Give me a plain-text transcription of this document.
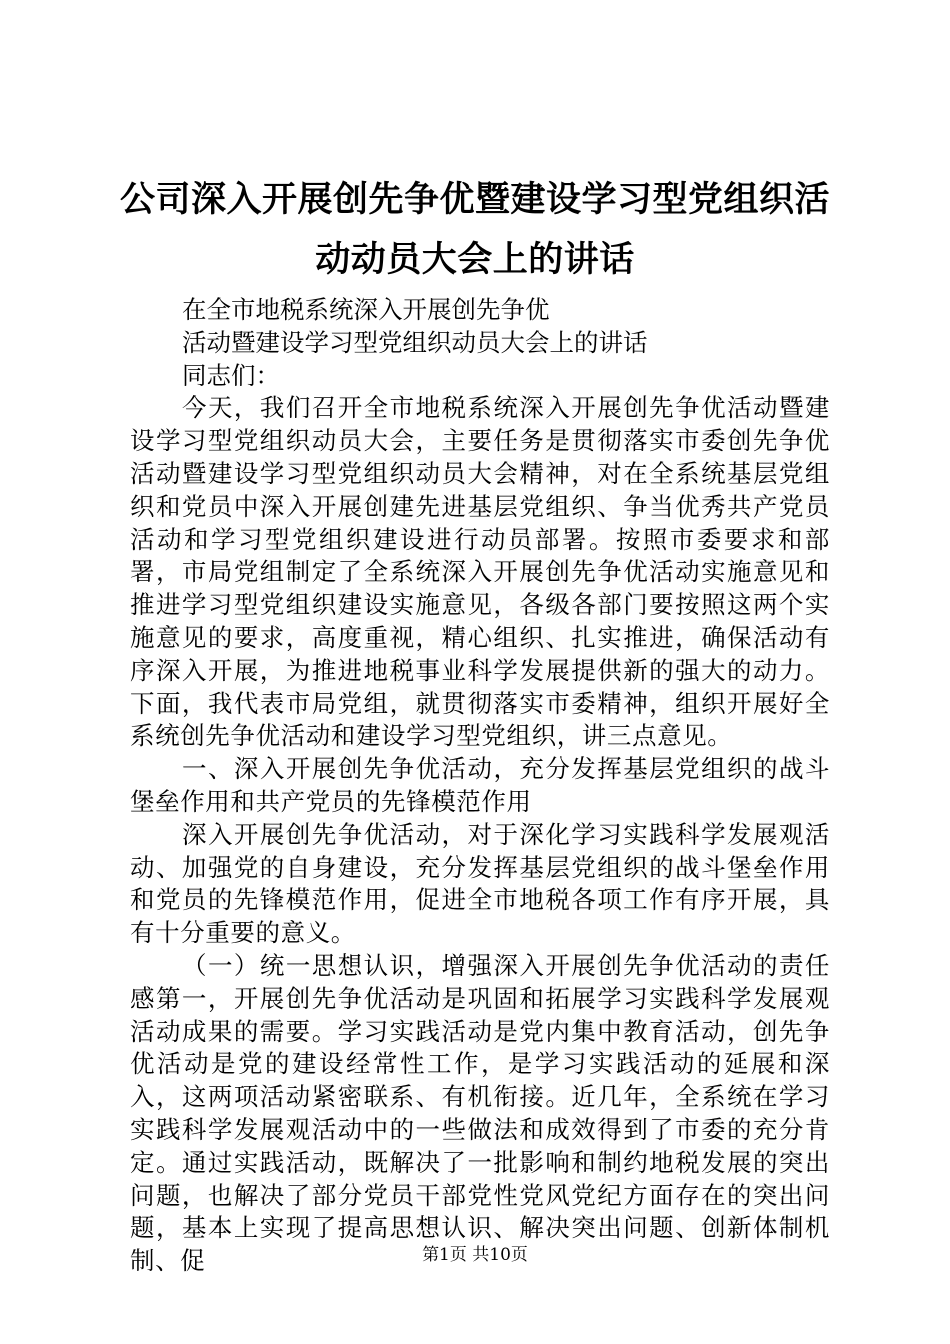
公司深入开展创先争优暨建设学习型党组织活动动员大会上的讲话
在全市地税系统深入开展创先争优
活动暨建设学习型党组织动员大会上的讲话
同志们：
今天，我们召开全市地税系统深入开展创先争优活动暨建设学习型党组织动员大会，主要任务是贯彻落实市委创先争优活动暨建设学习型党组织动员大会精神，对在全系统基层党组织和党员中深入开展创建先进基层党组织、争当优秀共产党员活动和学习型党组织建设进行动员部署。按照市委要求和部署，市局党组制定了全系统深入开展创先争优活动实施意见和推进学习型党组织建设实施意见，各级各部门要按照这两个实施意见的要求，高度重视，精心组织、扎实推进，确保活动有序深入开展，为推进地税事业科学发展提供新的强大的动力。下面，我代表市局党组，就贯彻落实市委精神，组织开展好全系统创先争优活动和建设学习型党组织，讲三点意见。
一、深入开展创先争优活动，充分发挥基层党组织的战斗堡垒作用和共产党员的先锋模范作用
深入开展创先争优活动，对于深化学习实践科学发展观活动、加强党的自身建设，充分发挥基层党组织的战斗堡垒作用和党员的先锋模范作用，促进全市地税各项工作有序开展，具有十分重要的意义。
（一）统一思想认识，增强深入开展创先争优活动的责任感第一，开展创先争优活动是巩固和拓展学习实践科学发展观活动成果的需要。学习实践活动是党内集中教育活动，创先争优活动是党的建设经常性工作，是学习实践活动的延展和深入，这两项活动紧密联系、有机衔接。近几年，全系统在学习实践科学发展观活动中的一些做法和成效得到了市委的充分肯定。通过实践活动，既解决了一批影响和制约地税发展的突出问题，也解决了部分党员干部党性党风党纪方面存在的突出问题，基本上实现了提高思想认识、解决突出问题、创新体制机制、促	第1页 共10页
